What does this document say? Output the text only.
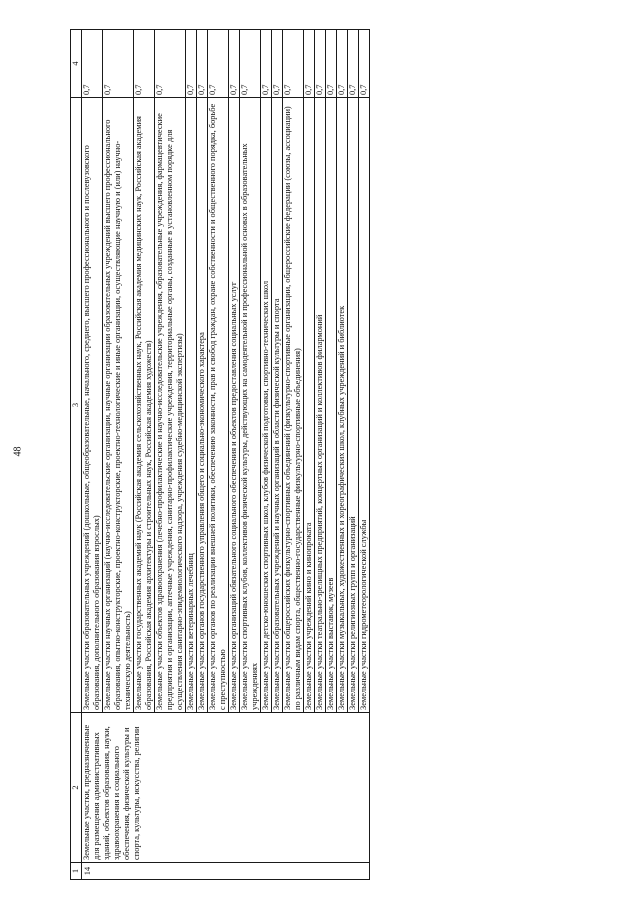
48
1	2	3	4
14	Земельные участки, предназначенные для размещения административных зданий, объектов образования, науки, здравоохранения и социального обеспечения, физической культуры и спорта, культуры, искусства, религии	Земельные участки образовательных учреждений (дошкольные, общеобразовательные, начального, среднего, высшего профессионального и послевузовского образования, дополнительного образования взрослых)	0,7
		Земельные участки научных организаций (научно-исследовательские организации, научные организации образовательных учреждений высшего профессионального образования, опытно-конструкторские, проектно-конструкторские, проектно-технологические и иные организации, осуществляющие научную и (или) научно-техническую деятельность)	0,7
		Земельные участки государственных академий наук (Российская академия сельскохозяйственных наук, Российская академия медицинских наук, Российская академия образования, Российская академия архитектуры и строительных наук, Российская академия художеств)	0,7
		Земельные участки объектов здравоохранения (лечебно-профилактические и научно-исследовательские учреждения, образовательные учреждения, фармацевтические предприятия и организации, аптечные учреждения, санитарно-профилактические учреждения, территориальные органы, созданные в установленном порядке для осуществления санитарно-эпидемиологического надзора, учреждения судебно-медицинской экспертизы)	0,7
		Земельные участки ветеринарных лечебниц	0,7
		Земельные участки органов государственного управления общего и социально-экономического характера	0,7
		Земельные участки органов по реализации внешней политики, обеспечению законности, прав и свобод граждан, охране собственности и общественного порядка, борьбе с преступностью	0,7
		Земельные участки организаций обязательного социального обеспечения и объектов предоставления социальных услуг	0,7
		Земельные участки спортивных клубов, коллективов физической культуры, действующих на самодеятельной и профессиональной основах в образовательных учреждениях	0,7
		Земельные участки детско-юношеских спортивных школ, клубов физической подготовки, спортивно-технических школ	0,7
		Земельные участки образовательных учреждений и научных организаций в области физической культуры и спорта	0,7
		Земельные участки общероссийских физкультурно-спортивных объединений (физкультурно-спортивные организации, общероссийские федерации (союзы, ассоциации) по различным видам спорта, общественно-государственные физкультурно-спортивные объединения)	0,7
		Земельные участки учреждений кино и кинопроката	0,7
		Земельные участки театрально-зрелищных предприятий, концертных организаций и коллективов филармоний	0,7
		Земельные участки выставок, музеев	0,7
		Земельные участки музыкальных, художественных и хореографических школ, клубных учреждений и библиотек	0,7
		Земельные участки религиозных групп и организаций	0,7
		Земельные участки гидрометеорологической службы	0,7
